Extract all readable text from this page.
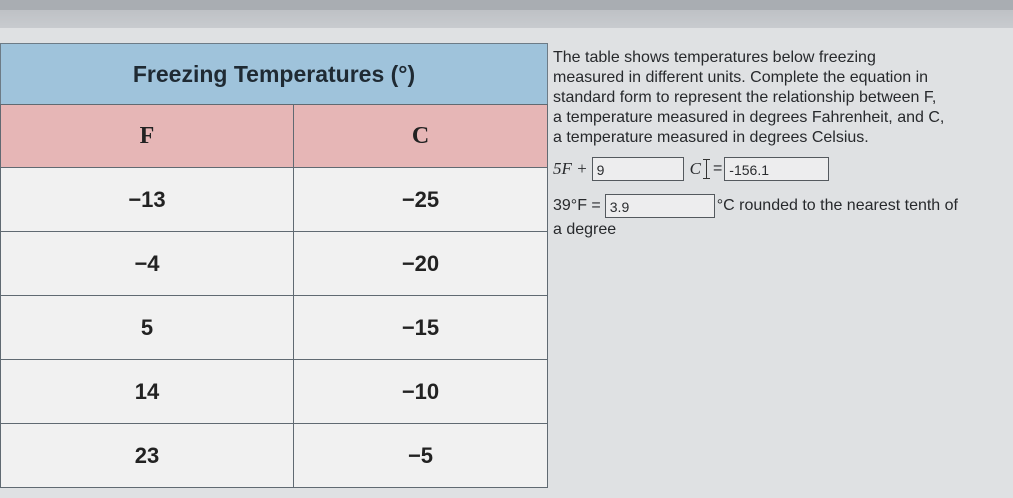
Freezing Temperatures (°)
F	C
−13	−25
−4	−20
5	−15
14	−10
23	−5

The table shows temperatures below freezing

measured in different units. Complete the equation in

standard form to represent the relationship between F,

a temperature measured in degrees Fahrenheit, and C,

a temperature measured in degrees Celsius.

5F + 9	C = -156.1
39°F = 3.9	°C rounded to the nearest tenth of
a degree
